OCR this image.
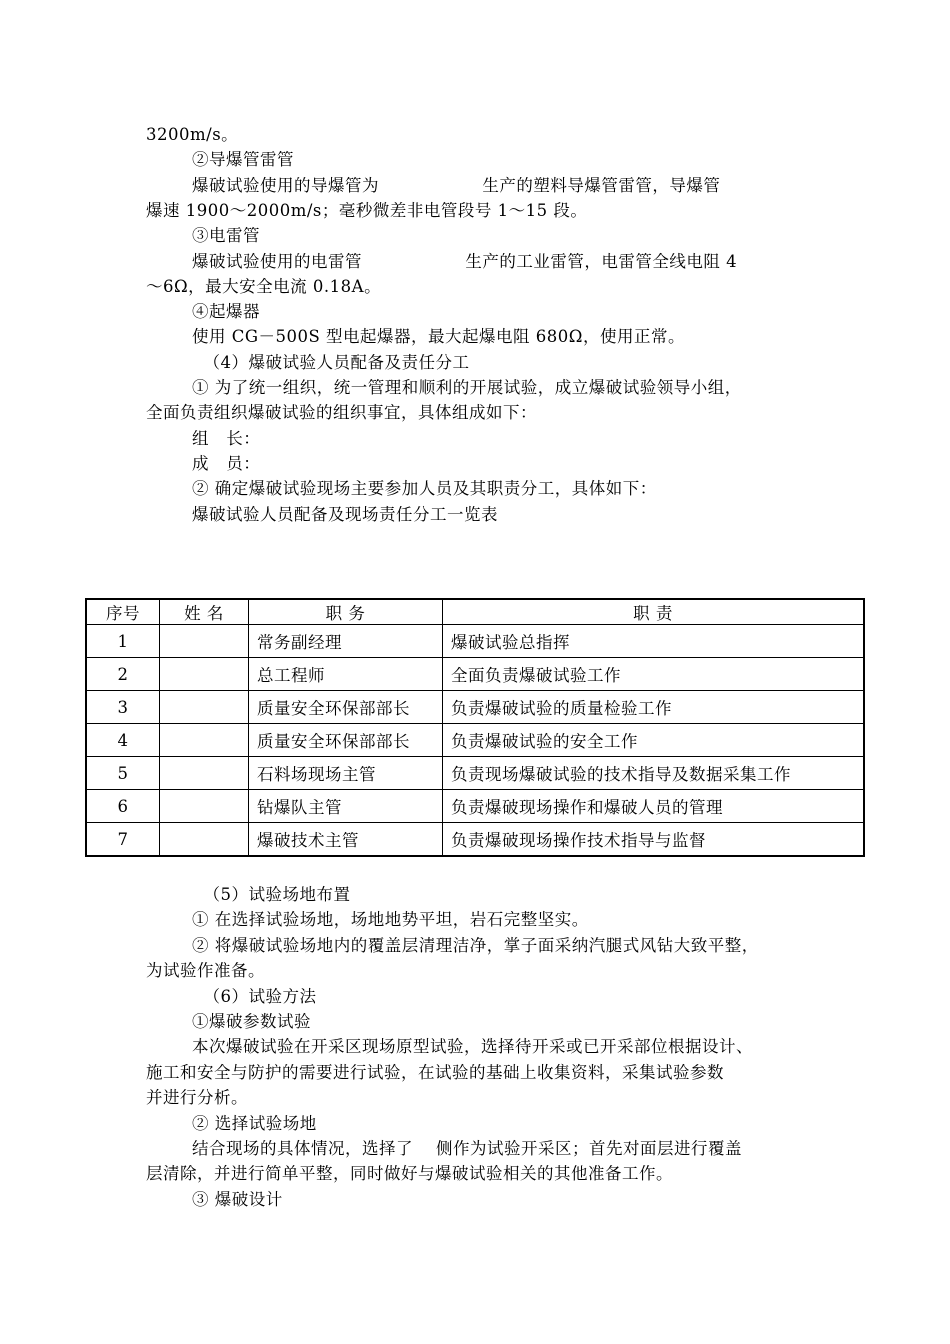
3200m/s。
②导爆管雷管
爆破试验使用的导爆管为                  生产的塑料导爆管雷管，导爆管
爆速 1900～2000m/s；毫秒微差非电管段号 1～15 段。
③电雷管
爆破试验使用的电雷管                  生产的工业雷管，电雷管全线电阻 4
～6Ω，最大安全电流 0.18A。
④起爆器
使用 CG－500S 型电起爆器，最大起爆电阻 680Ω，使用正常。
（4）爆破试验人员配备及责任分工
① 为了统一组织，统一管理和顺利的开展试验，成立爆破试验领导小组，
全面负责组织爆破试验的组织事宜，具体组成如下：
组   长：
成   员：
② 确定爆破试验现场主要参加人员及其职责分工，具体如下：
爆破试验人员配备及现场责任分工一览表
序号	姓 名	职 务	职 责
1		常务副经理	爆破试验总指挥
2		总工程师	全面负责爆破试验工作
3		质量安全环保部部长	负责爆破试验的质量检验工作
4		质量安全环保部部长	负责爆破试验的安全工作
5		石料场现场主管	负责现场爆破试验的技术指导及数据采集工作
6		钻爆队主管	负责爆破现场操作和爆破人员的管理
7		爆破技术主管	负责爆破现场操作技术指导与监督
（5）试验场地布置
① 在选择试验场地，场地地势平坦，岩石完整坚实。
② 将爆破试验场地内的覆盖层清理洁净，掌子面采纳汽腿式风钻大致平整，
为试验作准备。
（6）试验方法
①爆破参数试验
本次爆破试验在开采区现场原型试验，选择待开采或已开采部位根据设计、
施工和安全与防护的需要进行试验，在试验的基础上收集资料，采集试验参数
并进行分析。
② 选择试验场地
结合现场的具体情况，选择了    侧作为试验开采区；首先对面层进行覆盖
层清除，并进行简单平整，同时做好与爆破试验相关的其他准备工作。
③ 爆破设计
